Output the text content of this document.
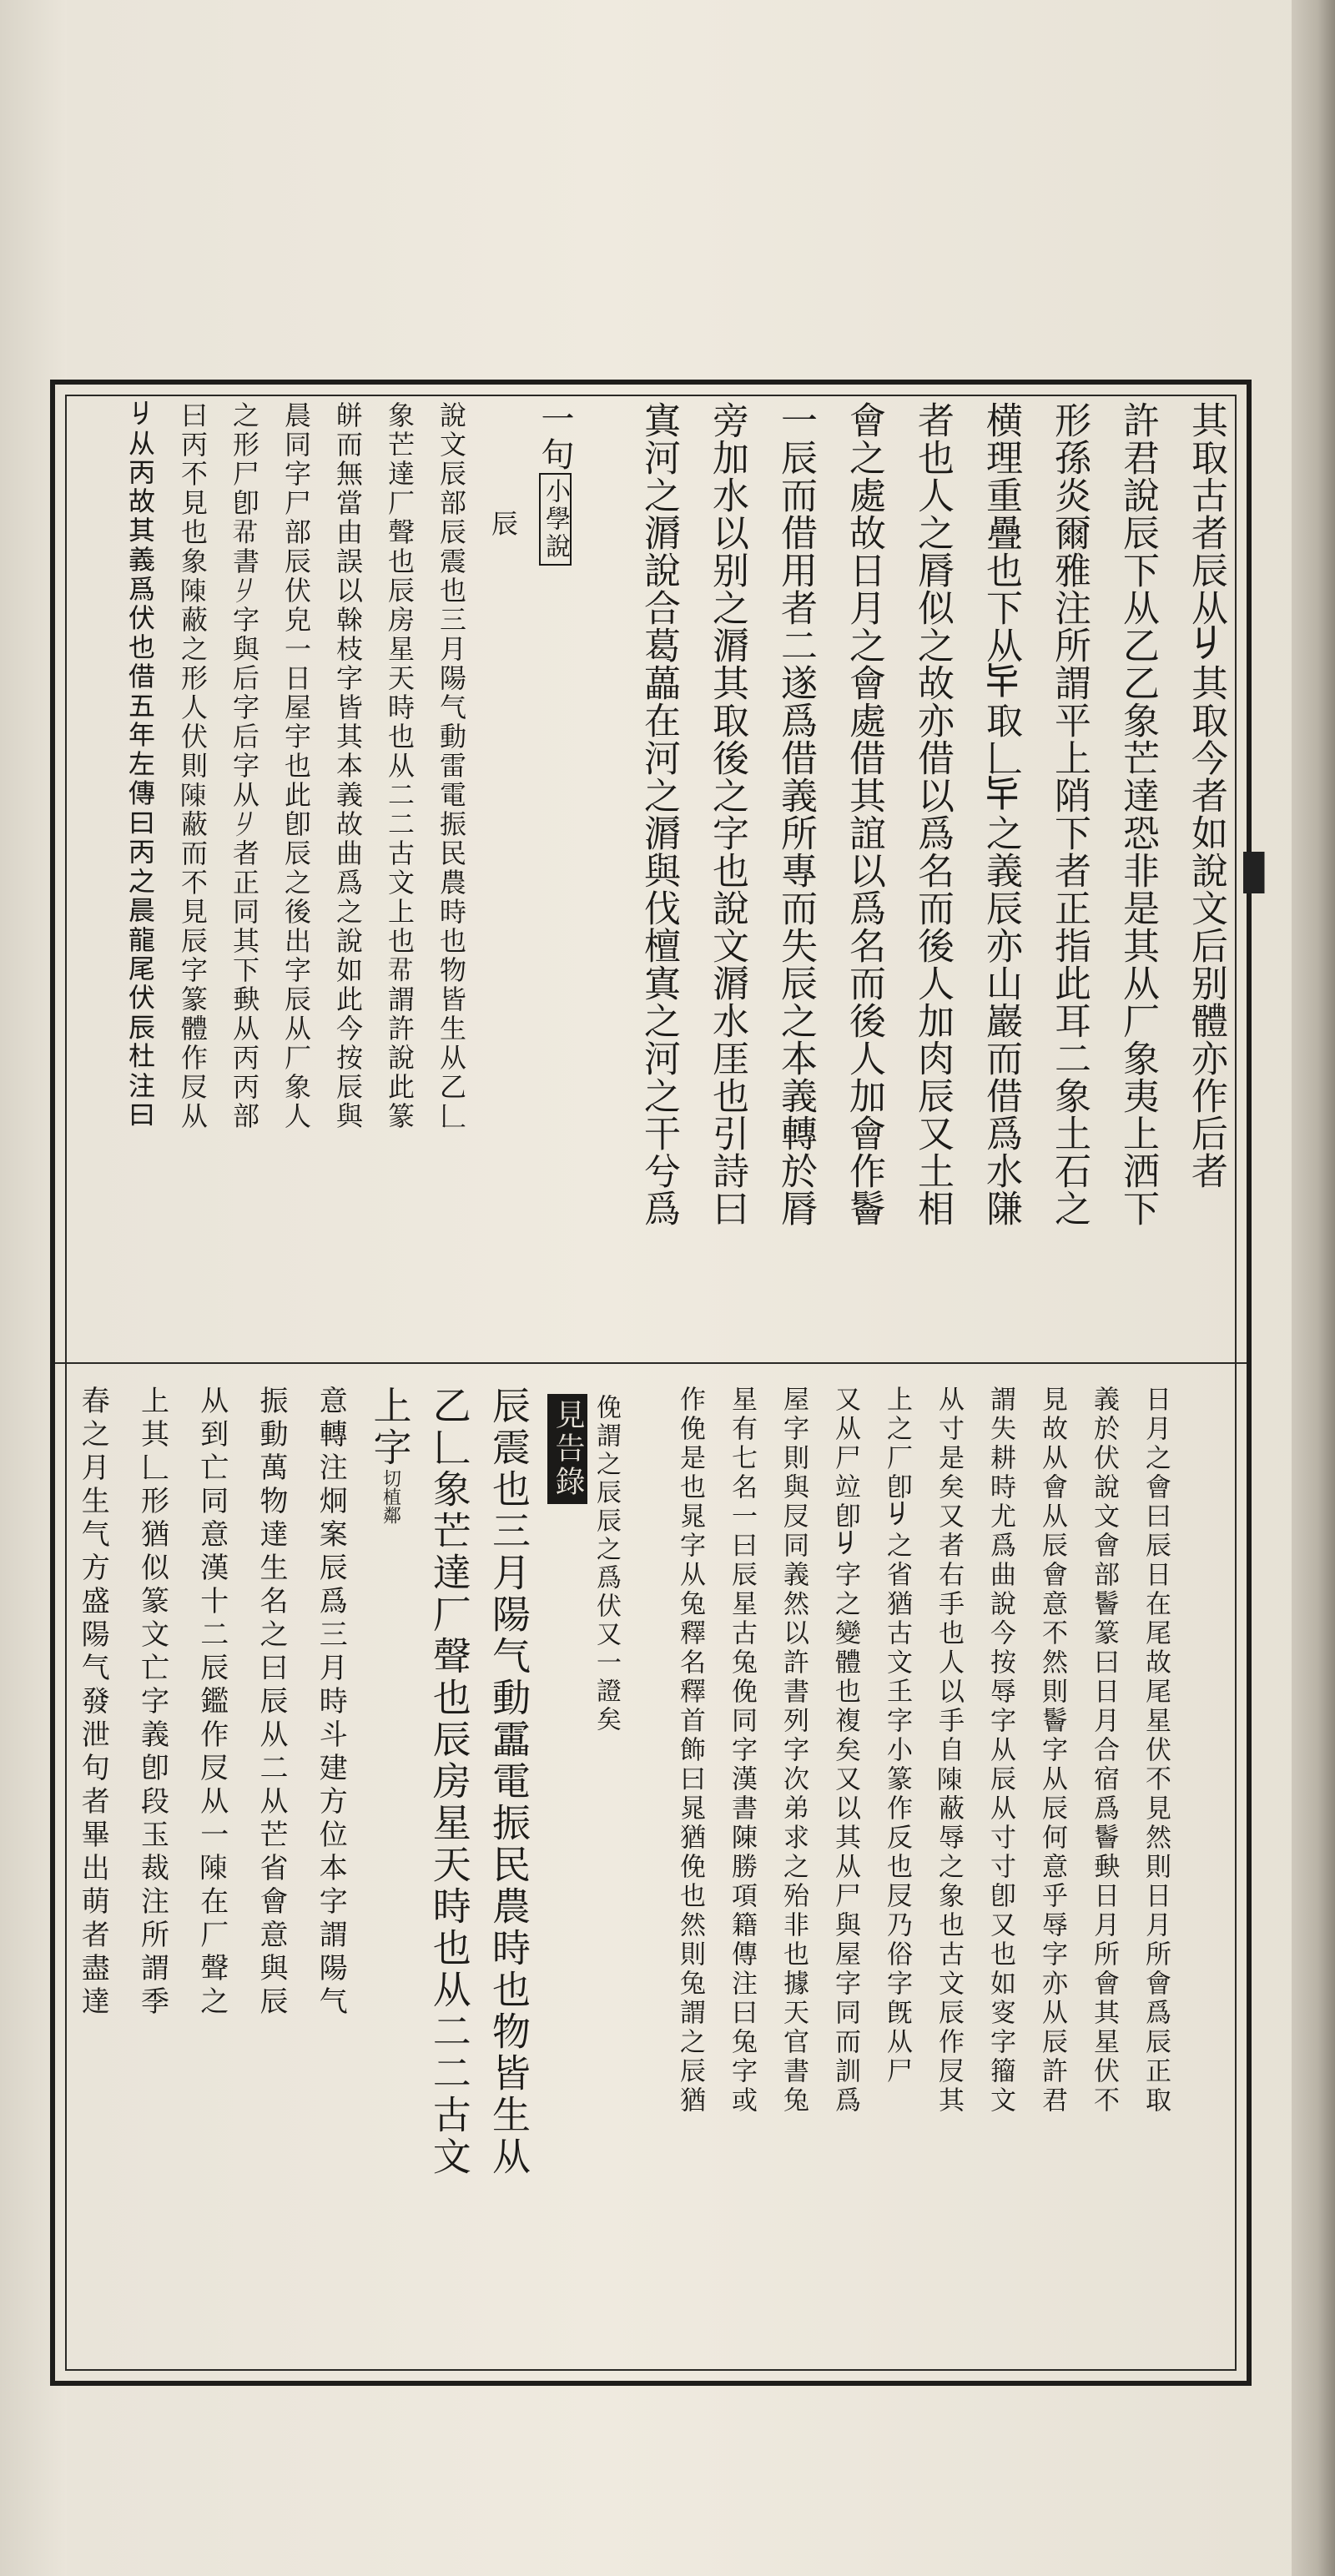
其取古者辰从𠂈其取今者如說文后别體亦作后者
許君說辰下从乙乙象芒達恐非是其从厂象夷上洒下
形孫炎爾雅注所謂平上陗下者正指此耳二象土石之
横理重疊也下从𠤏取𠃊𠤏之義辰亦山巖而借爲水隒
者也人之脣似之故亦借以爲名而後人加肉辰又土相
會之處故日月之會處借其誼以爲名而後人加會作鬠
一辰而借用者二遂爲借義所專而失辰之本義轉於脣
旁加水以别之漘其取後之字也說文漘水厓也引詩曰
寘河之漘說合葛藟在河之漘與伐檀寘之河之干兮爲
一句小學說
辰
說文辰部辰震也三月陽气動雷電振民農時也物皆生从乙𠃊
象芒達厂聲也辰房星天時也从二二古文上也𢁨謂許說此篆
皏而無當由誤以榦枝字皆其本義故曲爲之說如此今按辰與
晨同字尸部辰伏皃一日屋宇也此卽辰之後出字辰从厂象人
之形尸卽𢁨書𠂈字與后字后字从𠂈者正同其下𡙇从丙丙部
曰丙不見也象𨻰蔽之形人伏則𨻰蔽而不見辰字篆體作㞋从
𠂈从丙故其義爲伏也借五年左傳曰丙之晨龍尾伏辰杜注曰
日月之會曰辰日在尾故尾星伏不見然則日月所會爲辰正取
義於伏說文會部鬠篆曰日月合宿爲鬠𡙇日月所會其星伏不
見故从會从辰會意不然則鬠字从辰何意乎辱字亦从辰許君
謂失耕時尤爲曲說今按辱字从辰从寸寸卽又也如叜字籀文
从寸是矣又者右手也人以手自𨻰蔽辱之象也古文辰作㞋其
上之厂卽𠂈之省猶古文𡈼字小篆作反也㞋乃俗字旣从尸
又从尸竝卽𠂈字之變體也複矣又以其从尸與屋字同而訓爲
屋字則與㞋同義然以許書列字次弟求之殆非也據天官書兔
星有七名一曰辰星古兔俛同字漢書陳勝項籍傳注曰兔字或
作俛是也晁字从兔釋名釋首飾曰晁猶俛也然則兔謂之辰猶
俛謂之辰辰之爲伏又一證矣見告錄
辰震也三月陽气動靁電振民農時也物皆生从
乙𠃊象芒達厂聲也辰房星天時也从二二古文
上字切植鄰
意轉注炯案辰爲三月時斗建方位本字謂陽气
振動萬物達生名之曰辰从二从芒省會意與辰
从到亡同意漢十二辰鑑作㞋从一𨻰在厂聲之
上其𠃊形猶似篆文亡字義卽段玉裁注所謂季
春之月生气方盛陽气發泄句者畢出萌者盡達
